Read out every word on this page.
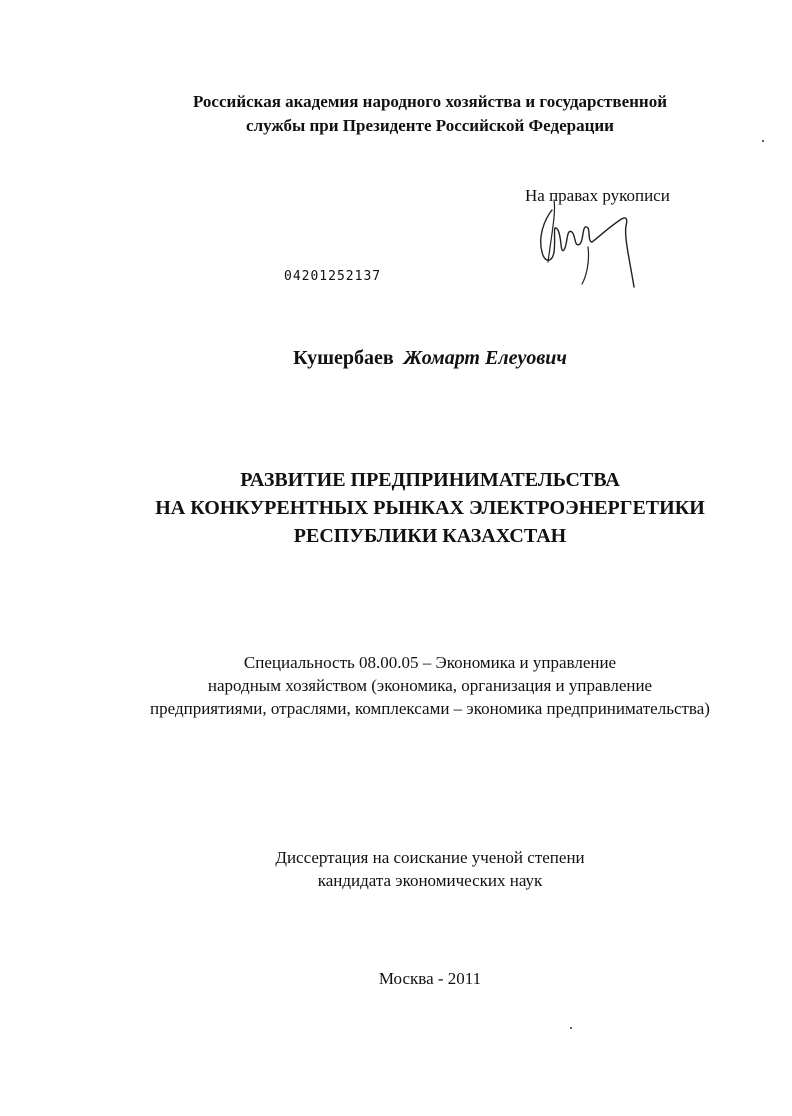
Российская академия народного хозяйства и государственной
службы при Президенте Российской Федерации
На правах рукописи
04201252137
Кушербаев Жомарт Елеуович
РАЗВИТИЕ ПРЕДПРИНИМАТЕЛЬСТВА
НА КОНКУРЕНТНЫХ РЫНКАХ ЭЛЕКТРОЭНЕРГЕТИКИ
РЕСПУБЛИКИ КАЗАХСТАН
Специальность 08.00.05 – Экономика и управление
народным хозяйством (экономика, организация и управление
предприятиями, отраслями, комплексами – экономика предпринимательства)
Диссертация на соискание ученой степени
кандидата экономических наук
Москва - 2011
